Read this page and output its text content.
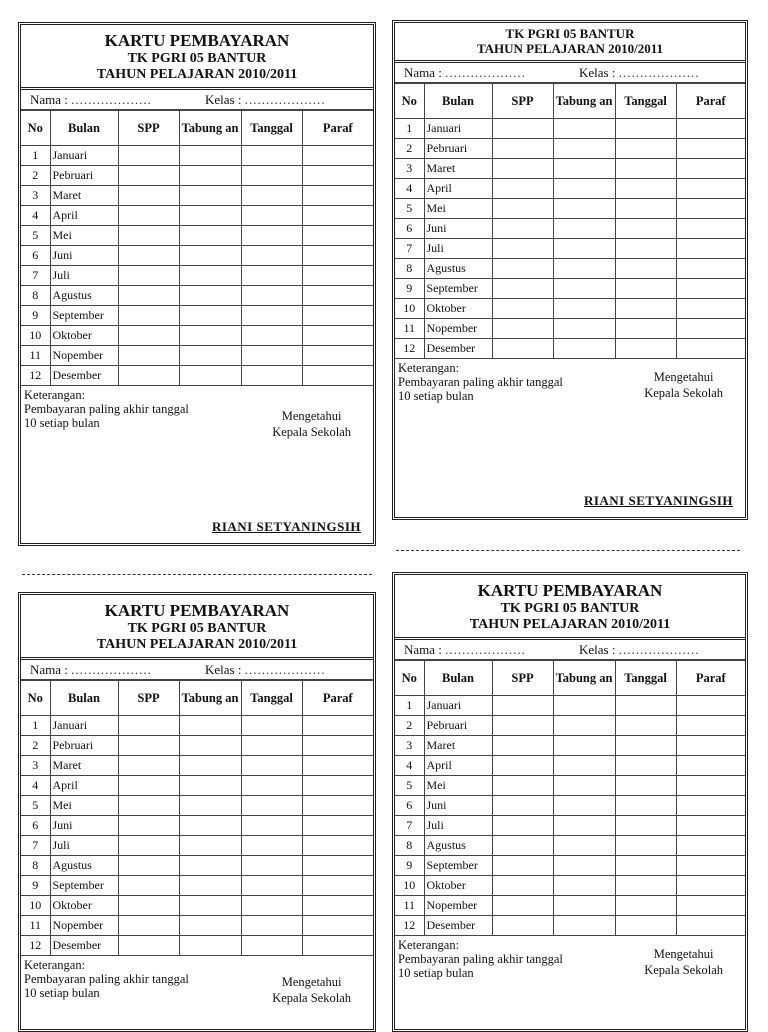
KARTU PEMBAYARAN
TK PGRI 05 BANTUR
TAHUN PELAJARAN 2010/2011
Nama : ...................	Kelas : ...................
No	Bulan	SPP	Tabung an	Tanggal	Paraf
1	Januari				
2	Pebruari				
3	Maret				
4	April				
5	Mei				
6	Juni				
7	Juli				
8	Agustus				
9	September				
10	Oktober				
11	Nopember				
12	Desember				
Keterangan:
Pembayaran paling akhir tanggal 10 setiap bulan	Mengetahui
Kepala Sekolah
RIANI SETYANINGSIH
TK PGRI 05 BANTUR
TAHUN PELAJARAN 2010/2011
Nama : ...................	Kelas : ...................
No	Bulan	SPP	Tabung an	Tanggal	Paraf
1	Januari				
2	Pebruari				
3	Maret				
4	April				
5	Mei				
6	Juni				
7	Juli				
8	Agustus				
9	September				
10	Oktober				
11	Nopember				
12	Desember				
Keterangan:
Pembayaran paling akhir tanggal 10 setiap bulan
Mengetahui
Kepala Sekolah
RIANI SETYANINGSIH
KARTU PEMBAYARAN
TK PGRI 05 BANTUR
TAHUN PELAJARAN 2010/2011
Nama : ...................	Kelas : ...................
No	Bulan	SPP	Tabung an	Tanggal	Paraf
1	Januari				
2	Pebruari				
3	Maret				
4	April				
5	Mei				
6	Juni				
7	Juli				
8	Agustus				
9	September				
10	Oktober				
11	Nopember				
12	Desember				
Keterangan:
Pembayaran paling akhir tanggal 10 setiap bulan
Mengetahui
Kepala Sekolah
KARTU PEMBAYARAN
TK PGRI 05 BANTUR
TAHUN PELAJARAN 2010/2011
Nama : ...................	Kelas : ...................
No	Bulan	SPP	Tabung an	Tanggal	Paraf
1	Januari				
2	Pebruari				
3	Maret				
4	April				
5	Mei				
6	Juni				
7	Juli				
8	Agustus				
9	September				
10	Oktober				
11	Nopember				
12	Desember				
Keterangan:
Pembayaran paling akhir tanggal 10 setiap bulan
Mengetahui
Kepala Sekolah
